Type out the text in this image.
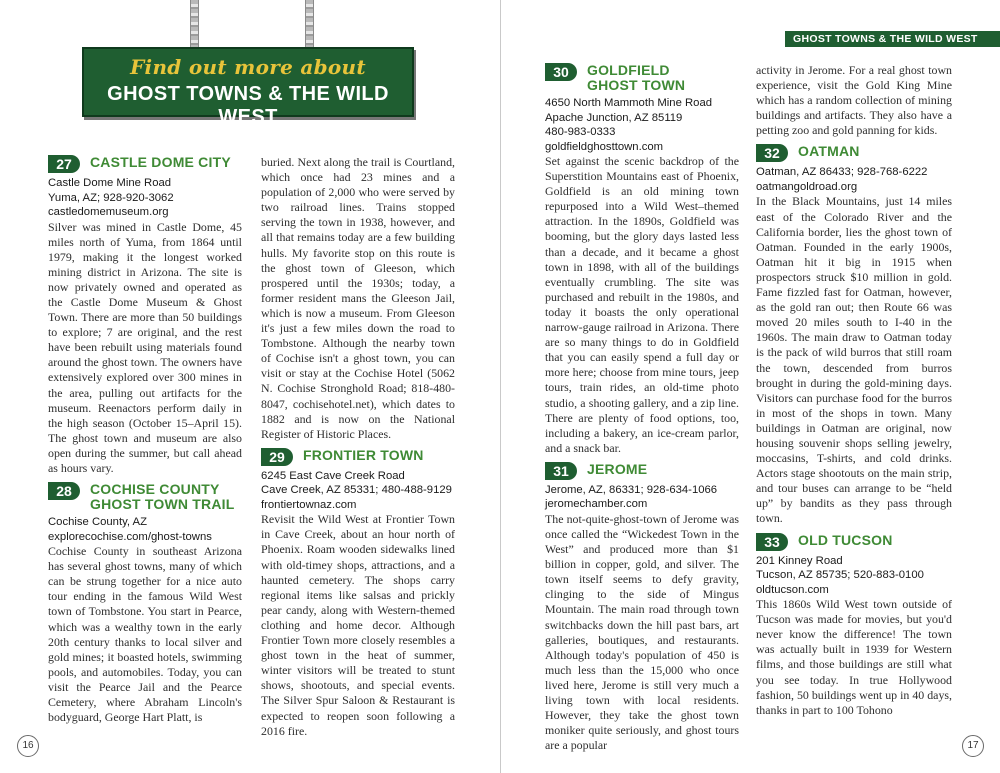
Find out more about
GHOST TOWNS & THE WILD WEST
GHOST TOWNS & THE WILD WEST
27	CASTLE DOME CITY
Castle Dome Mine Road
Yuma, AZ; 928-920-3062
castledomemuseum.org

Silver was mined in Castle Dome, 45 miles north of Yuma, from 1864 until 1979, making it the longest worked mining district in Arizona. The site is now privately owned and operated as the Castle Dome Museum & Ghost Town. There are more than 50 buildings to explore; 7 are original, and the rest have been rebuilt using materials found around the ghost town. The owners have extensively explored over 300 mines in the area, pulling out artifacts for the museum. Reenactors perform daily in the high season (October 15–April 15). The ghost town and museum are also open during the summer, but call ahead as hours vary.

28	COCHISE COUNTY
GHOST TOWN TRAIL
Cochise County, AZ
explorecochise.com/ghost-towns

Cochise County in southeast Arizona has several ghost towns, many of which can be strung together for a nice auto tour ending in the famous Wild West town of Tombstone. You start in Pearce, which was a wealthy town in the early 20th century thanks to local silver and gold mines; it boasted hotels, swimming pools, and automobiles. Today, you can visit the Pearce Jail and the Pearce Cemetery, where Abraham Lincoln's bodyguard, George Hart Platt, is

buried. Next along the trail is Courtland, which once had 23 mines and a population of 2,000 who were served by two railroad lines. Trains stopped serving the town in 1938, however, and all that remains today are a few building hulls. My favorite stop on this route is the ghost town of Gleeson, which prospered until the 1930s; today, a former resident mans the Gleeson Jail, which is now a museum. From Gleeson it's just a few miles down the road to Tombstone. Although the nearby town of Cochise isn't a ghost town, you can visit or stay at the Cochise Hotel (5062 N. Cochise Stronghold Road; 818-480-8047, cochisehotel.net), which dates to 1882 and is now on the National Register of Historic Places.

29	FRONTIER TOWN
6245 East Cave Creek Road
Cave Creek, AZ 85331; 480-488-9129
frontiertownaz.com

Revisit the Wild West at Frontier Town in Cave Creek, about an hour north of Phoenix. Roam wooden sidewalks lined with old-timey shops, attractions, and a haunted cemetery. The shops carry regional items like salsas and prickly pear candy, along with Western-themed clothing and home decor. Although Frontier Town more closely resembles a ghost town in the heat of summer, winter visitors will be treated to stunt shows, shootouts, and special events. The Silver Spur Saloon & Restaurant is expected to reopen soon following a 2016 fire.

30	GOLDFIELD
GHOST TOWN
4650 North Mammoth Mine Road
Apache Junction, AZ 85119
480-983-0333
goldfieldghosttown.com

Set against the scenic backdrop of the Superstition Mountains east of Phoenix, Goldfield is an old mining town repurposed into a Wild West–themed attraction. In the 1890s, Goldfield was booming, but the glory days lasted less than a decade, and it became a ghost town in 1898, with all of the buildings eventually crumbling. The site was purchased and rebuilt in the 1980s, and today it boasts the only operational narrow-gauge railroad in Arizona. There are so many things to do in Goldfield that you can easily spend a full day or more here; choose from mine tours, jeep tours, train rides, an old-time photo studio, a shooting gallery, and a zip line. There are plenty of food options, too, including a bakery, an ice-cream parlor, and a snack bar.

31	JEROME
Jerome, AZ, 86331; 928-634-1066
jeromechamber.com

The not-quite-ghost-town of Jerome was once called the “Wickedest Town in the West” and produced more than $1 billion in copper, gold, and silver. The town itself seems to defy gravity, clinging to the side of Mingus Mountain. The main road through town switchbacks down the hill past bars, art galleries, boutiques, and restaurants. Although today's population of 450 is much less than the 15,000 who once lived here, Jerome is still very much a living town with local residents. However, they take the ghost town moniker quite seriously, and ghost tours are a popular

activity in Jerome. For a real ghost town experience, visit the Gold King Mine which has a random collection of mining buildings and artifacts. They also have a petting zoo and gold panning for kids.

32	OATMAN
Oatman, AZ 86433; 928-768-6222
oatmangoldroad.org

In the Black Mountains, just 14 miles east of the Colorado River and the California border, lies the ghost town of Oatman. Founded in the early 1900s, Oatman hit it big in 1915 when prospectors struck $10 million in gold. Fame fizzled fast for Oatman, however, as the gold ran out; then Route 66 was moved 20 miles south to I-40 in the 1960s. The main draw to Oatman today is the pack of wild burros that still roam the town, descended from burros brought in during the gold-mining days. Visitors can purchase food for the burros in most of the shops in town. Many buildings in Oatman are original, now housing souvenir shops selling jewelry, moccasins, T-shirts, and cold drinks. Actors stage shootouts on the main strip, and tour buses can arrange to be “held up” by bandits as they pass through town.

33	OLD TUCSON
201 Kinney Road
Tucson, AZ 85735; 520-883-0100
oldtucson.com

This 1860s Wild West town outside of Tucson was made for movies, but you'd never know the difference! The town was actually built in 1939 for Western films, and those buildings are still what you see today. In true Hollywood fashion, 50 buildings went up in 40 days, thanks in part to 100 Tohono

16	17
